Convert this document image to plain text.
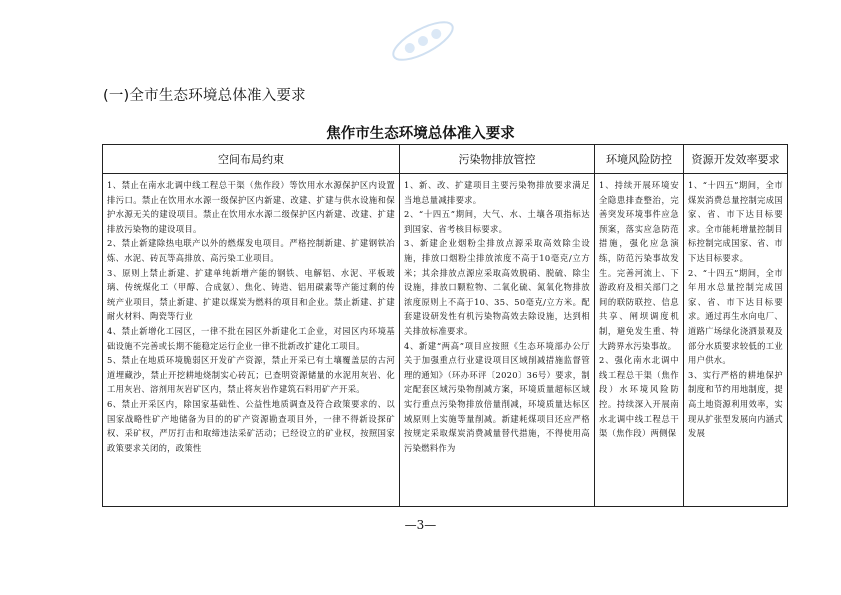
(一)全市生态环境总体准入要求
焦作市生态环境总体准入要求
空间布局约束

1、禁止在南水北调中线工程总干渠（焦作段）等饮用水水源保护区内设置排污口。禁止在饮用水水源一级保护区内新建、改建、扩建与供水设施和保护水源无关的建设项目。禁止在饮用水水源二级保护区内新建、改建、扩建排放污染物的建设项目。

2、禁止新建除热电联产以外的燃煤发电项目。严格控制新建、扩建钢铁冶炼、水泥、砖瓦等高排放、高污染工业项目。

3、原则上禁止新建、扩建单纯新增产能的钢铁、电解铝、水泥、平板玻璃、传统煤化工（甲醇、合成氨）、焦化、铸造、铝用碳素等产能过剩的传统产业项目，禁止新建、扩建以煤炭为燃料的项目和企业。禁止新建、扩建耐火材料、陶瓷等行业

4、禁止新增化工园区，一律不批在园区外新建化工企业，对园区内环境基础设施不完善或长期不能稳定运行企业一律不批新改扩建化工项目。

5、禁止在地质环境脆弱区开发矿产资源，禁止开采已有土壤覆盖层的古河道埋藏沙，禁止开挖耕地烧制实心砖瓦；已查明资源储量的水泥用灰岩、化工用灰岩、溶剂用灰岩矿区内，禁止将灰岩作建筑石料用矿产开采。

6、禁止开采区内，除国家基础性、公益性地质调查及符合政策要求的、以国家战略性矿产地储备为目的的矿产资源勘查项目外，一律不得新设探矿权、采矿权，严厉打击和取缔违法采矿活动；已经设立的矿业权，按照国家政策要求关闭的，政策性

污染物排放管控

1、新、改、扩建项目主要污染物排放要求满足当地总量减排要求。

2、“十四五”期间，大气、水、土壤各项指标达到国家、省考核目标要求。

3、新建企业烟粉尘排放点源采取高效除尘设施，排放口烟粉尘排放浓度不高于10毫克/立方米；其余排放点源应采取高效脱硝、脱硫、除尘设施，排放口颗粒物、二氧化硫、氮氧化物排放浓度原则上不高于10、35、50毫克/立方米。配套建设研发性有机污染物高效去除设施，达到相关排放标准要求。

4、新建“两高”项目应按照《生态环境部办公厅关于加强重点行业建设项目区域削减措施监督管理的通知》（环办环评〔2020〕36号）要求，制定配套区域污染物削减方案，环境质量超标区域实行重点污染物排放倍量削减，环境质量达标区域原则上实施等量削减。新建耗煤项目还应严格按规定采取煤炭消费减量替代措施，不得使用高污染燃料作为

环境风险防控

1、持续开展环境安全隐患排查整治，完善突发环境事件应急预案，落实应急防范措施，强化应急演练，防范污染事故发生。完善河流上、下游政府及相关部门之间的联防联控、信息共享、闸坝调度机制，避免发生重、特大跨界水污染事故。

2、强化南水北调中线工程总干渠（焦作段）水环境风险防控。持续深入开展南水北调中线工程总干渠（焦作段）两侧保

资源开发效率要求

1、“十四五”期间，全市煤炭消费总量控制完成国家、省、市下达目标要求。全市能耗增量控制目标控制完成国家、省、市下达目标要求。

2、“十四五”期间，全市年用水总量控制完成国家、省、市下达目标要求。通过再生水向电厂、道路广场绿化浇洒景观及部分水质要求较低的工业用户供水。

3、实行严格的耕地保护制度和节约用地制度，提高土地资源利用效率，实现从扩张型发展向内涵式发展

—3—
